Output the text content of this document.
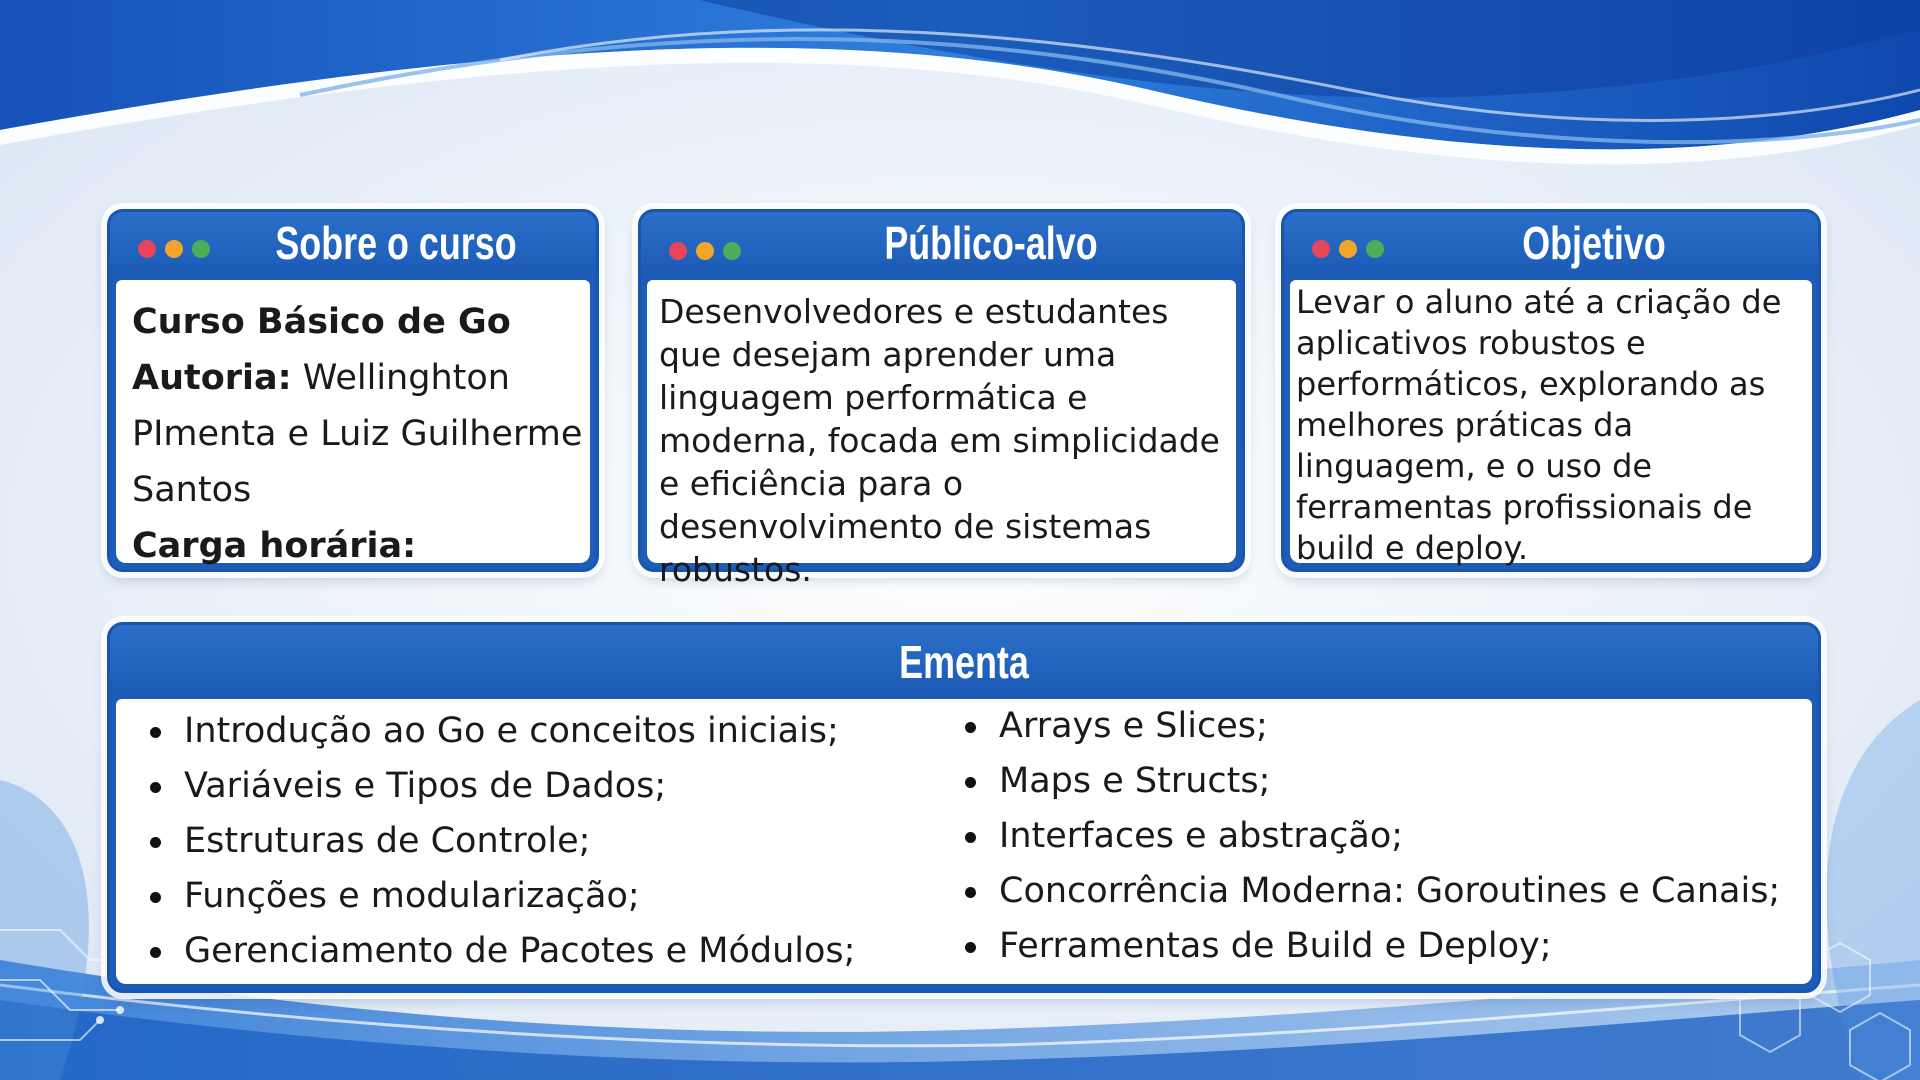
Sobre o curso
Curso Básico de Go
Autoria: Wellinghton
PImenta e Luiz Guilherme
Santos
Carga horária:
Público-alvo
Desenvolvedores e estudantes que desejam aprender uma linguagem performática e moderna, focada em simplicidade e eficiência para o desenvolvimento de sistemas robustos.
Objetivo
Levar o aluno até a criação de aplicativos robustos e performáticos, explorando as melhores práticas da linguagem, e o uso de ferramentas profissionais de build e deploy.
Ementa
Introdução ao Go e conceitos iniciais;
Variáveis e Tipos de Dados;
Estruturas de Controle;
Funções e modularização;
Gerenciamento de Pacotes e Módulos;
Arrays e Slices;
Maps e Structs;
Interfaces e abstração;
Concorrência Moderna: Goroutines e Canais;
Ferramentas de Build e Deploy;
